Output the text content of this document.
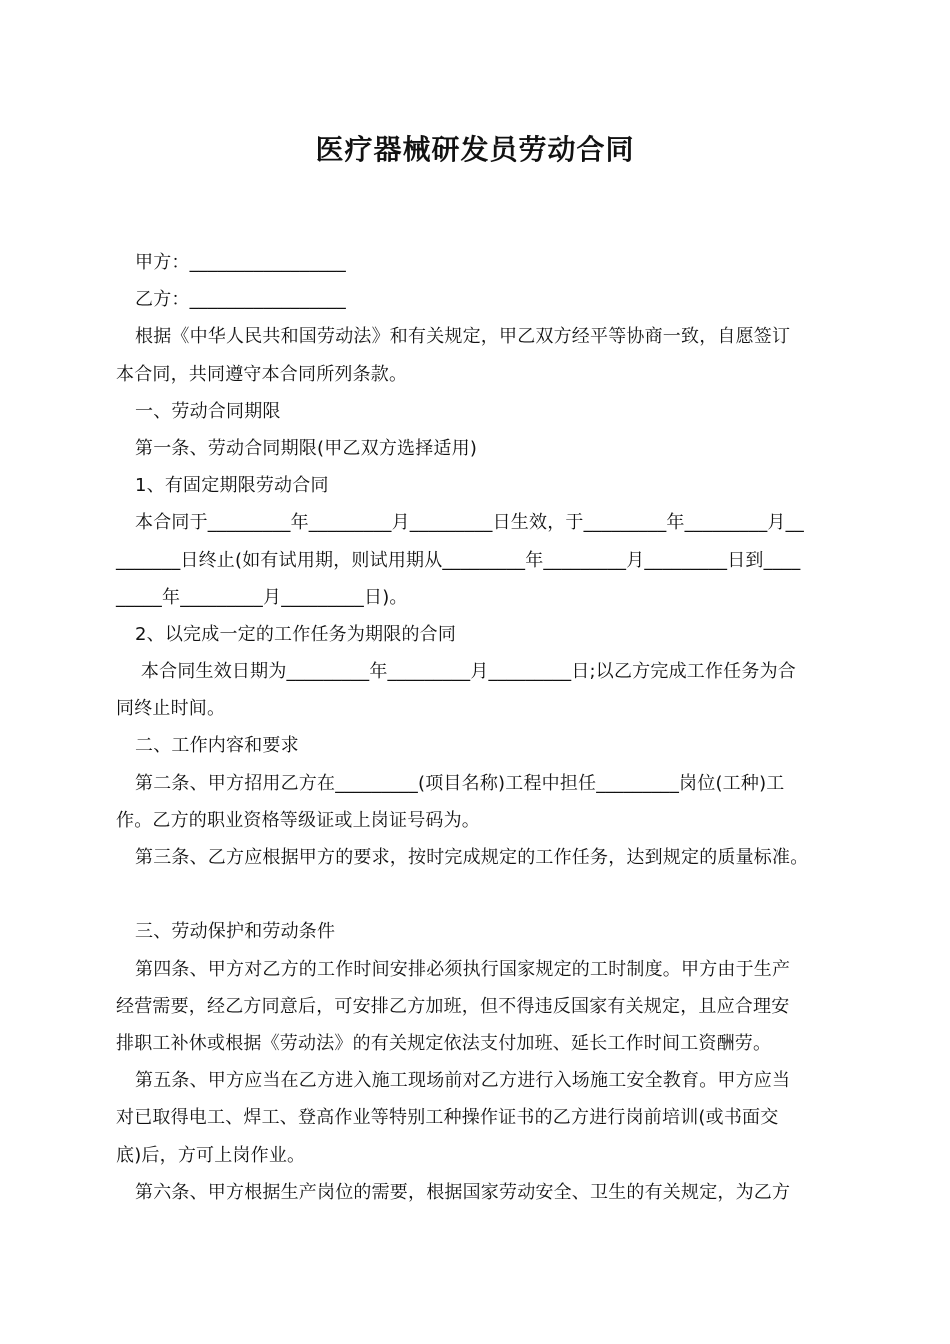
医疗器械研发员劳动合同
甲方：_________________
乙方：_________________
根据《中华人民共和国劳动法》和有关规定，甲乙双方经平等协商一致，自愿签订
本合同，共同遵守本合同所列条款。
一、劳动合同期限
第一条、劳动合同期限(甲乙双方选择适用)
1、有固定期限劳动合同
本合同于_________年_________月_________日生效，于_________年_________月__
_______日终止(如有试用期，则试用期从_________年_________月_________日到____
_____年_________月_________日)。
2、以完成一定的工作任务为期限的合同
本合同生效日期为_________年_________月_________日;以乙方完成工作任务为合
同终止时间。
二、工作内容和要求
第二条、甲方招用乙方在_________(项目名称)工程中担任_________岗位(工种)工
作。乙方的职业资格等级证或上岗证号码为。
第三条、乙方应根据甲方的要求，按时完成规定的工作任务，达到规定的质量标准。
三、劳动保护和劳动条件
第四条、甲方对乙方的工作时间安排必须执行国家规定的工时制度。甲方由于生产
经营需要，经乙方同意后，可安排乙方加班，但不得违反国家有关规定，且应合理安
排职工补休或根据《劳动法》的有关规定依法支付加班、延长工作时间工资酬劳。
第五条、甲方应当在乙方进入施工现场前对乙方进行入场施工安全教育。甲方应当
对已取得电工、焊工、登高作业等特别工种操作证书的乙方进行岗前培训(或书面交
底)后，方可上岗作业。
第六条、甲方根据生产岗位的需要，根据国家劳动安全、卫生的有关规定，为乙方
